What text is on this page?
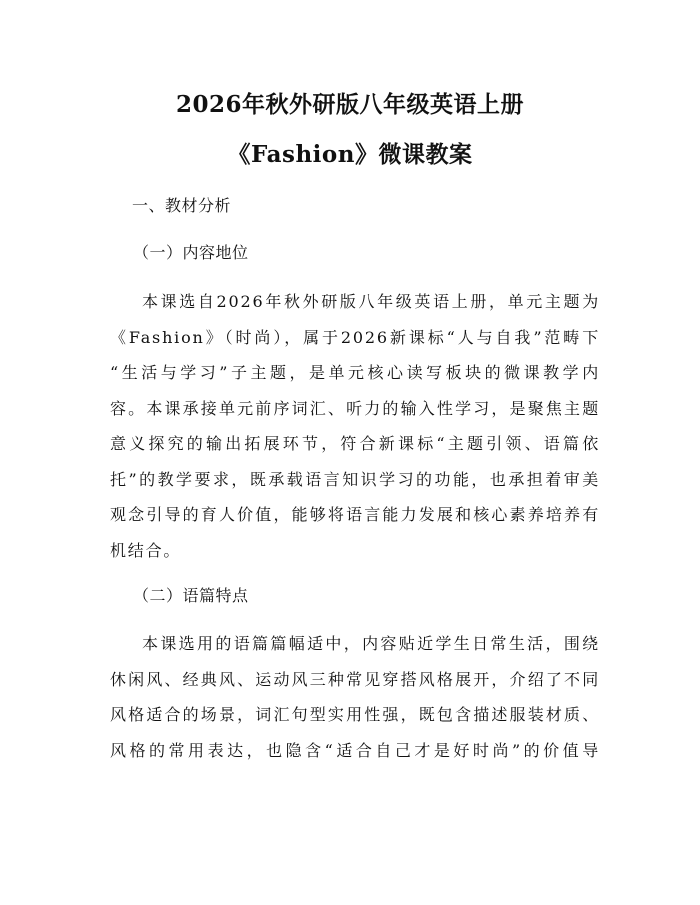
2026年秋外研版八年级英语上册
《Fashion》微课教案
一、教材分析
（一）内容地位
本课选自2026年秋外研版八年级英语上册，单元主题为
《Fashion》（时尚），属于2026新课标“人与自我”范畴下
“生活与学习”子主题，是单元核心读写板块的微课教学内
容。本课承接单元前序词汇、听力的输入性学习，是聚焦主题
意义探究的输出拓展环节，符合新课标“主题引领、语篇依
托”的教学要求，既承载语言知识学习的功能，也承担着审美
观念引导的育人价值，能够将语言能力发展和核心素养培养有
机结合。
（二）语篇特点
本课选用的语篇篇幅适中，内容贴近学生日常生活，围绕
休闲风、经典风、运动风三种常见穿搭风格展开，介绍了不同
风格适合的场景，词汇句型实用性强，既包含描述服装材质、
风格的常用表达，也隐含“适合自己才是好时尚”的价值导
